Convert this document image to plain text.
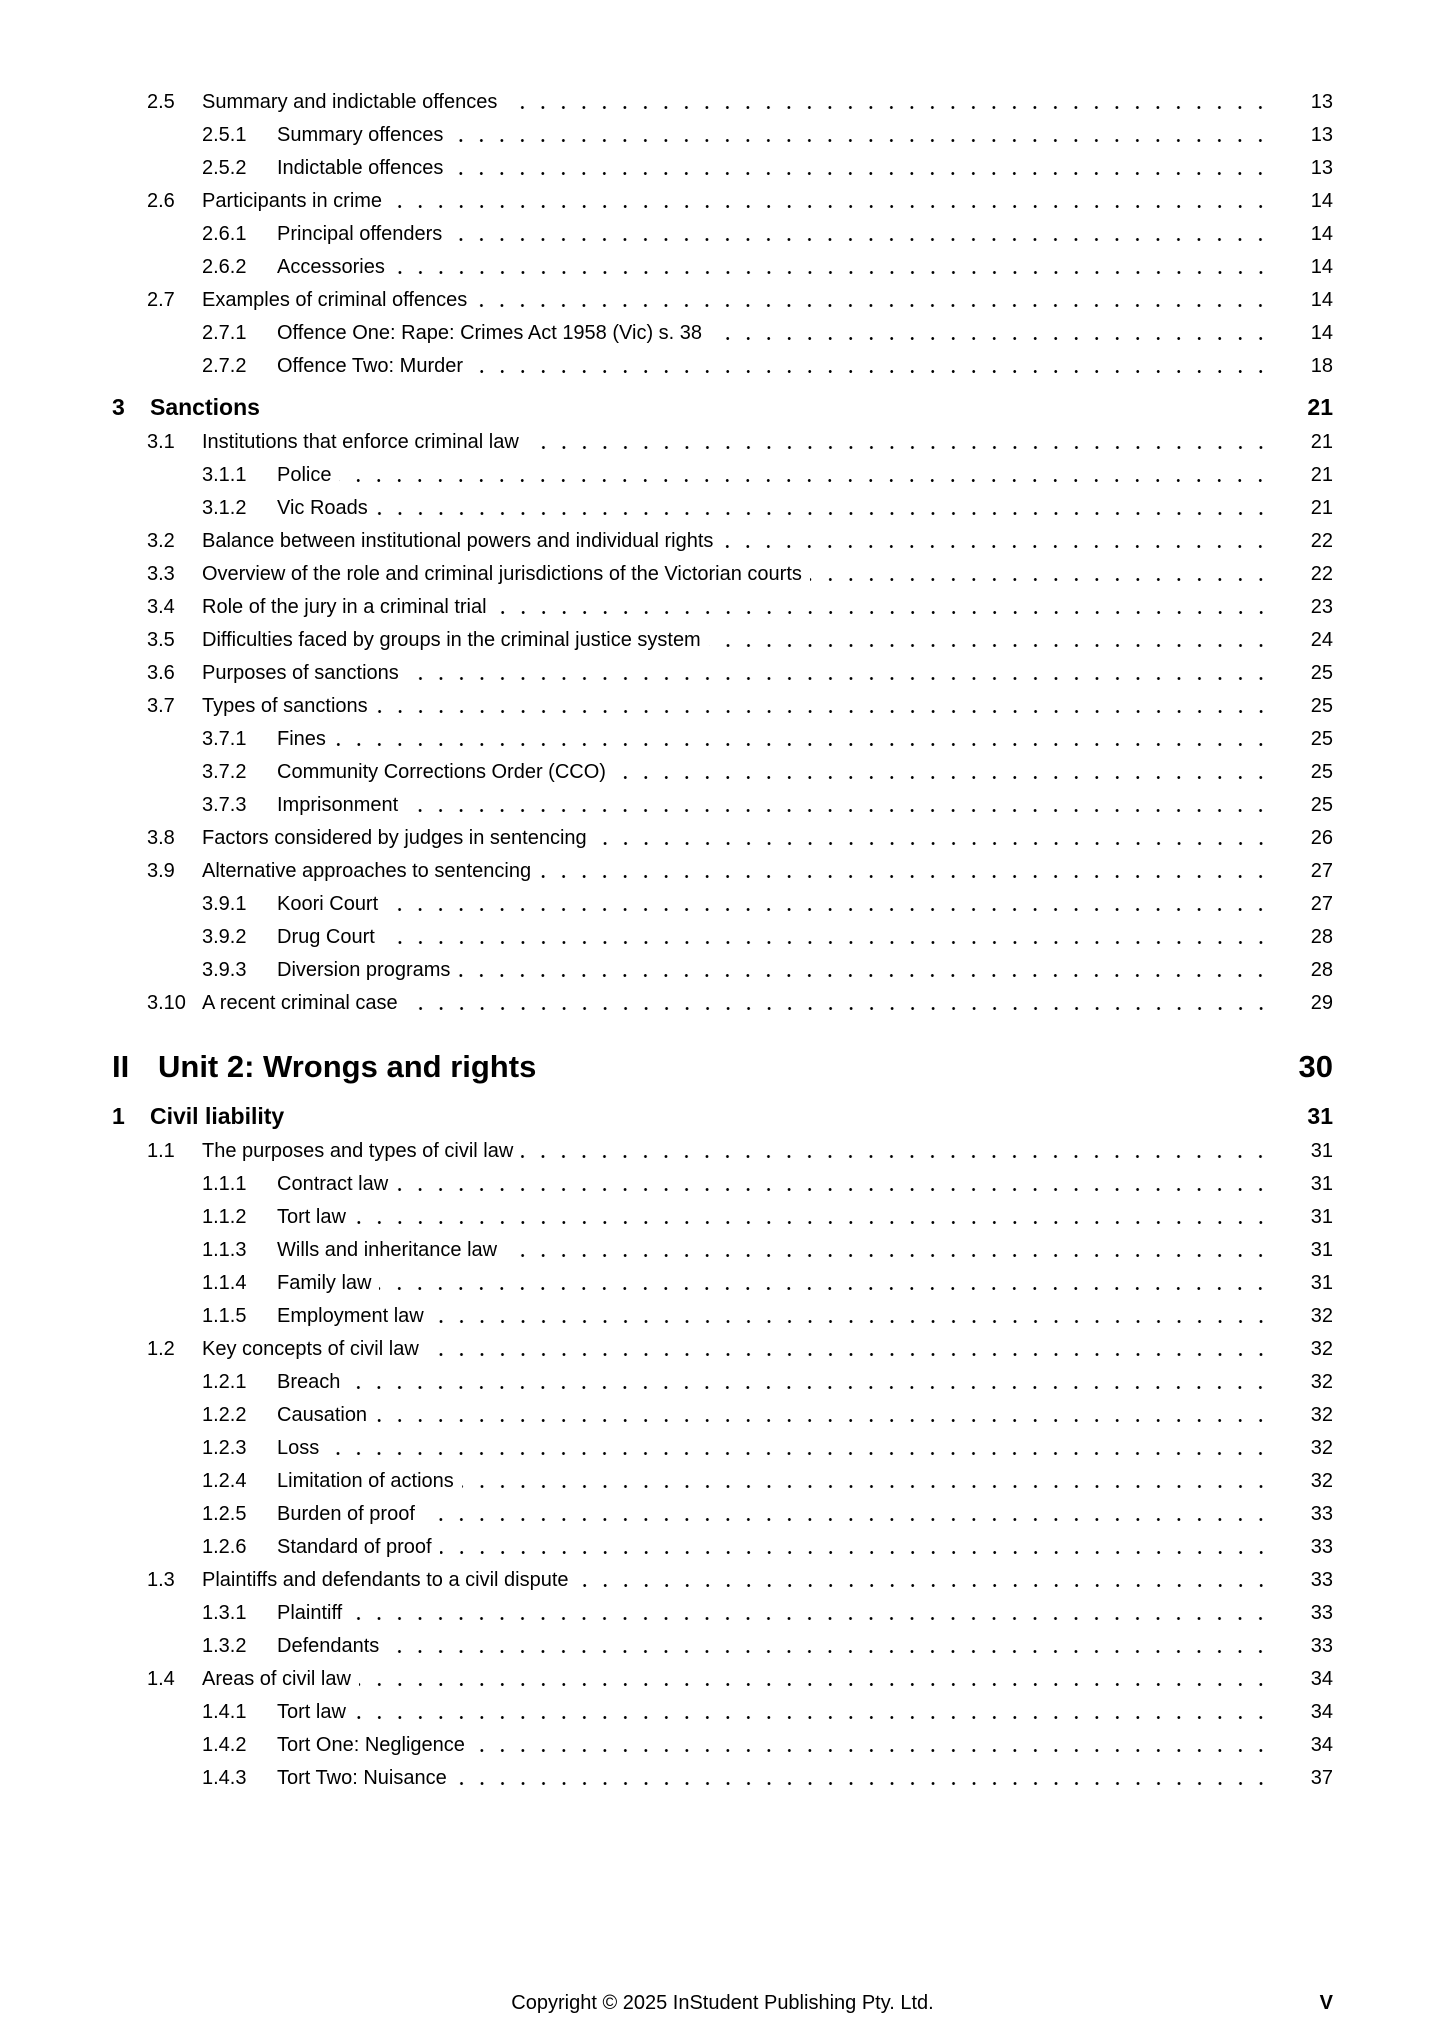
2.5	Summary and indictable offences	13
2.5.1	Summary offences	13
2.5.2	Indictable offences	13
2.6	Participants in crime	14
2.6.1	Principal offenders	14
2.6.2	Accessories	14
2.7	Examples of criminal offences	14
2.7.1	Offence One: Rape: Crimes Act 1958 (Vic) s. 38	14
2.7.2	Offence Two: Murder	18
3	Sanctions	21
3.1	Institutions that enforce criminal law	21
3.1.1	Police	21
3.1.2	Vic Roads	21
3.2	Balance between institutional powers and individual rights	22
3.3	Overview of the role and criminal jurisdictions of the Victorian courts	22
3.4	Role of the jury in a criminal trial	23
3.5	Difficulties faced by groups in the criminal justice system	24
3.6	Purposes of sanctions	25
3.7	Types of sanctions	25
3.7.1	Fines	25
3.7.2	Community Corrections Order (CCO)	25
3.7.3	Imprisonment	25
3.8	Factors considered by judges in sentencing	26
3.9	Alternative approaches to sentencing	27
3.9.1	Koori Court	27
3.9.2	Drug Court	28
3.9.3	Diversion programs	28
3.10 A recent criminal case	29
II Unit 2: Wrongs and rights	30
1	Civil liability	31
1.1	The purposes and types of civil law	31
1.1.1	Contract law	31
1.1.2	Tort law	31
1.1.3	Wills and inheritance law	31
1.1.4	Family law	31
1.1.5	Employment law	32
1.2	Key concepts of civil law	32
1.2.1	Breach	32
1.2.2	Causation	32
1.2.3	Loss	32
1.2.4	Limitation of actions	32
1.2.5	Burden of proof	33
1.2.6	Standard of proof	33
1.3	Plaintiffs and defendants to a civil dispute	33
1.3.1	Plaintiff	33
1.3.2	Defendants	33
1.4	Areas of civil law	34
1.4.1	Tort law	34
1.4.2	Tort One: Negligence	34
1.4.3	Tort Two: Nuisance	37
Copyright © 2025 InStudent Publishing Pty. Ltd.	V
